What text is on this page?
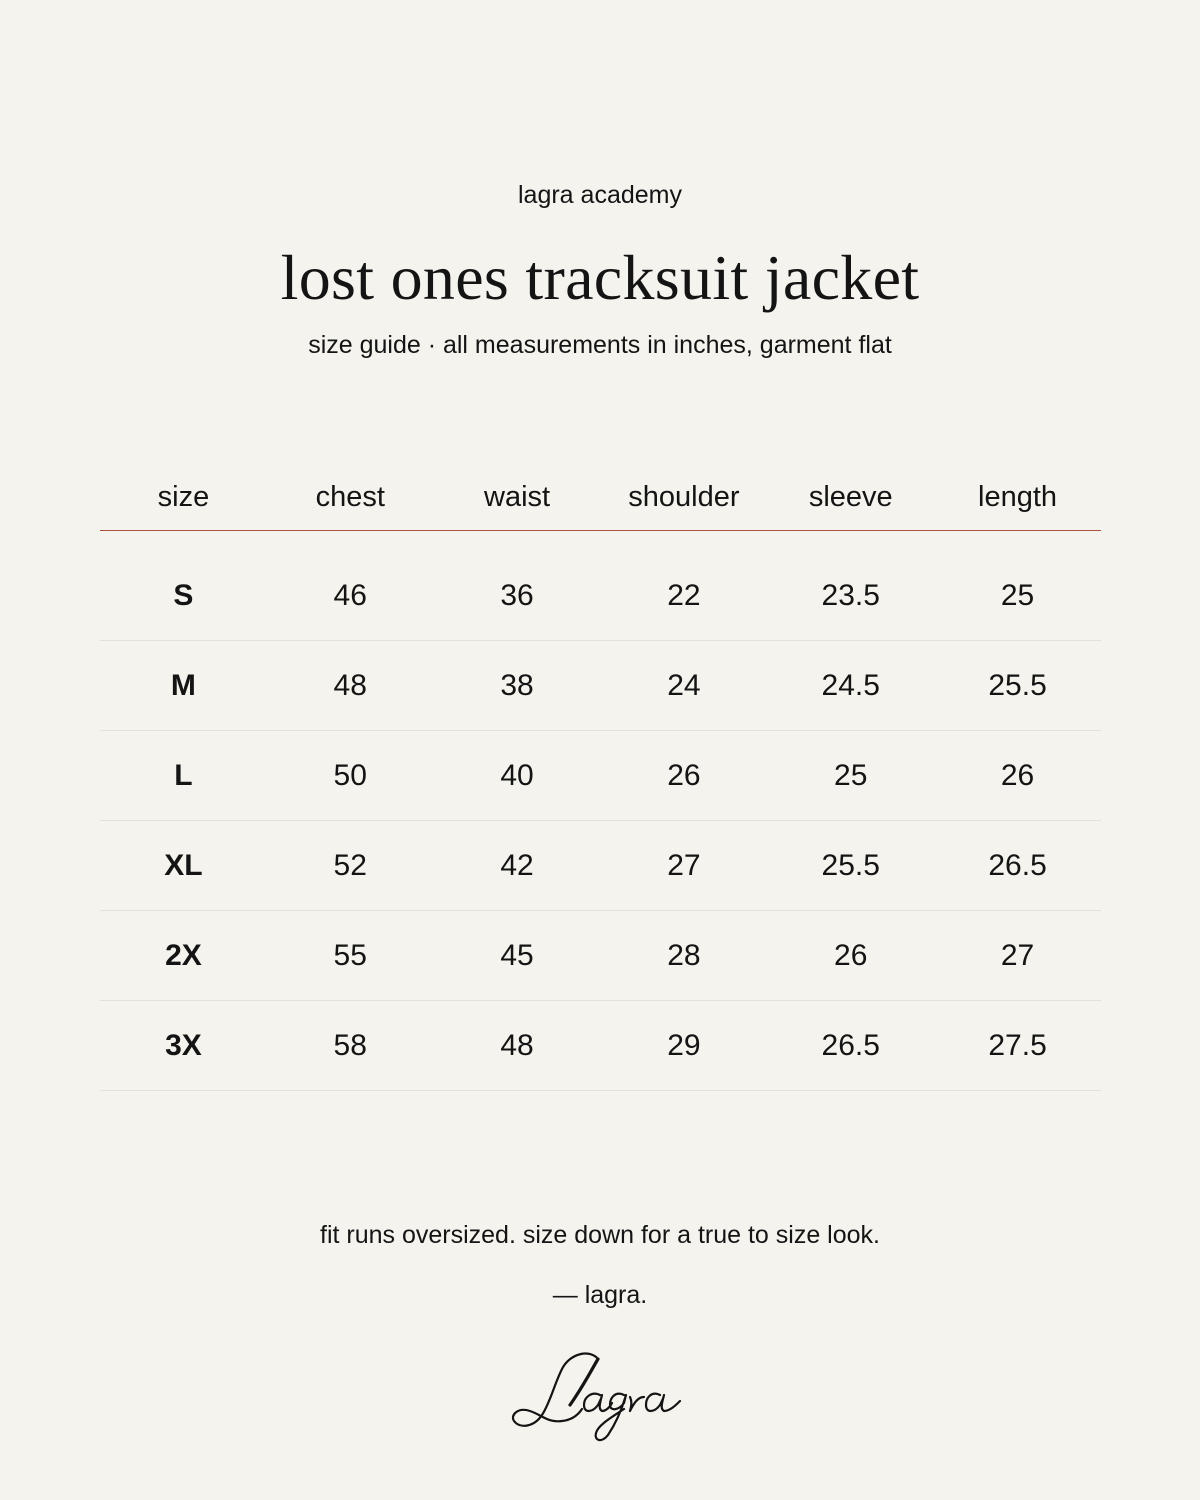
lagra academy
lost ones tracksuit jacket
size guide · all measurements in inches, garment flat
size	chest	waist	shoulder	sleeve	length
S	46	36	22	23.5	25
M	48	38	24	24.5	25.5
L	50	40	26	25	26
XL	52	42	27	25.5	26.5
2X	55	45	28	26	27
3X	58	48	29	26.5	27.5
fit runs oversized. size down for a true to size look.
— lagra.
